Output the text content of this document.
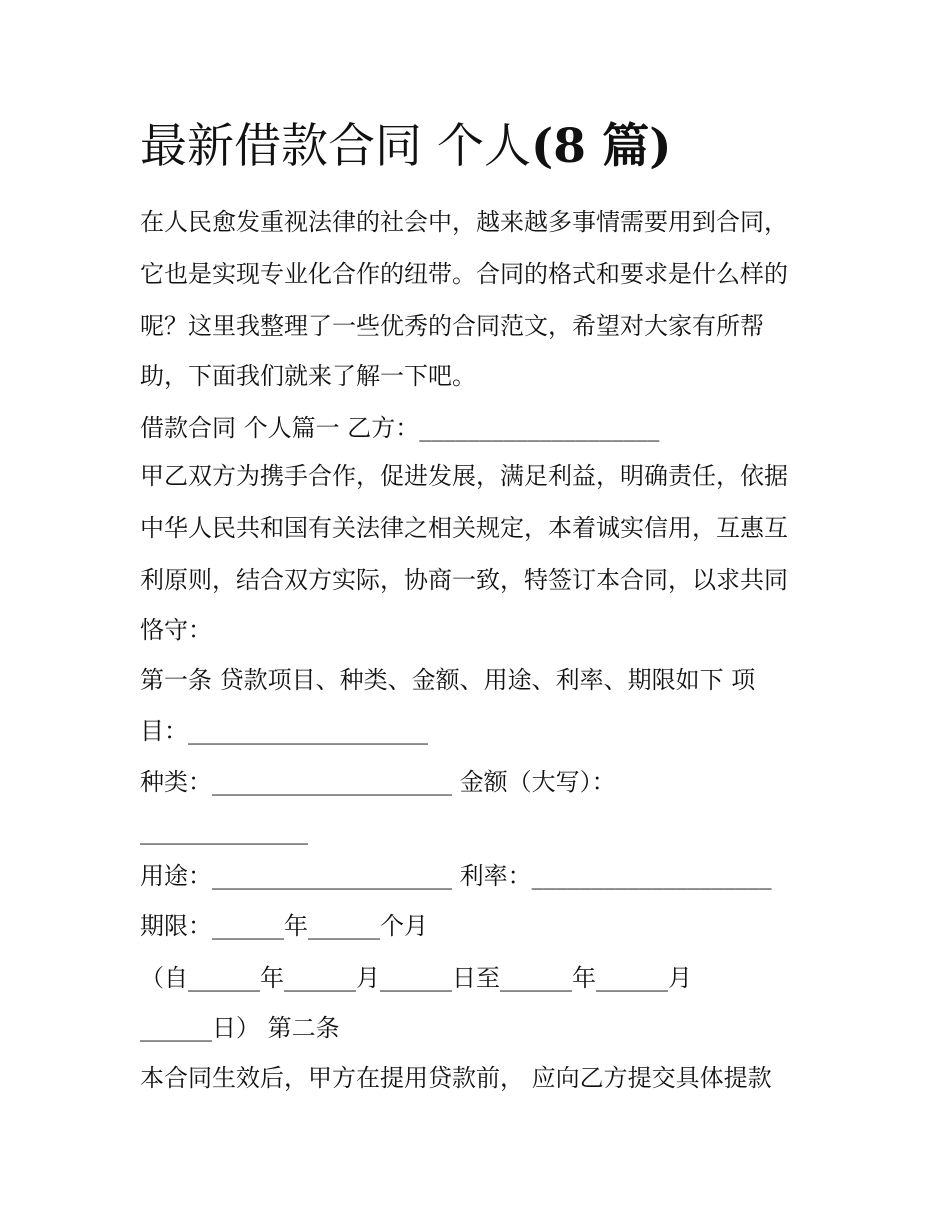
最新借款合同 个人(8 篇)

在人民愈发重视法律的社会中，越来越多事情需要用到合同，

它也是实现专业化合作的纽带。合同的格式和要求是什么样的

呢？这里我整理了一些优秀的合同范文，希望对大家有所帮

助，下面我们就来了解一下吧。

借款合同 个人篇一 乙方：____________________

甲乙双方为携手合作，促进发展，满足利益，明确责任，依据

中华人民共和国有关法律之相关规定，本着诚实信用，互惠互

利原则，结合双方实际，协商一致，特签订本合同，以求共同

恪守：

第一条 贷款项目、种类、金额、用途、利率、期限如下 项

目：____________________

种类：____________________ 金额（大写）：

______________

用途：____________________ 利率：____________________

期限：______年______个月

（自______年______月______日至______年______月

______日） 第二条

本合同生效后，甲方在提用贷款前， 应向乙方提交具体提款
